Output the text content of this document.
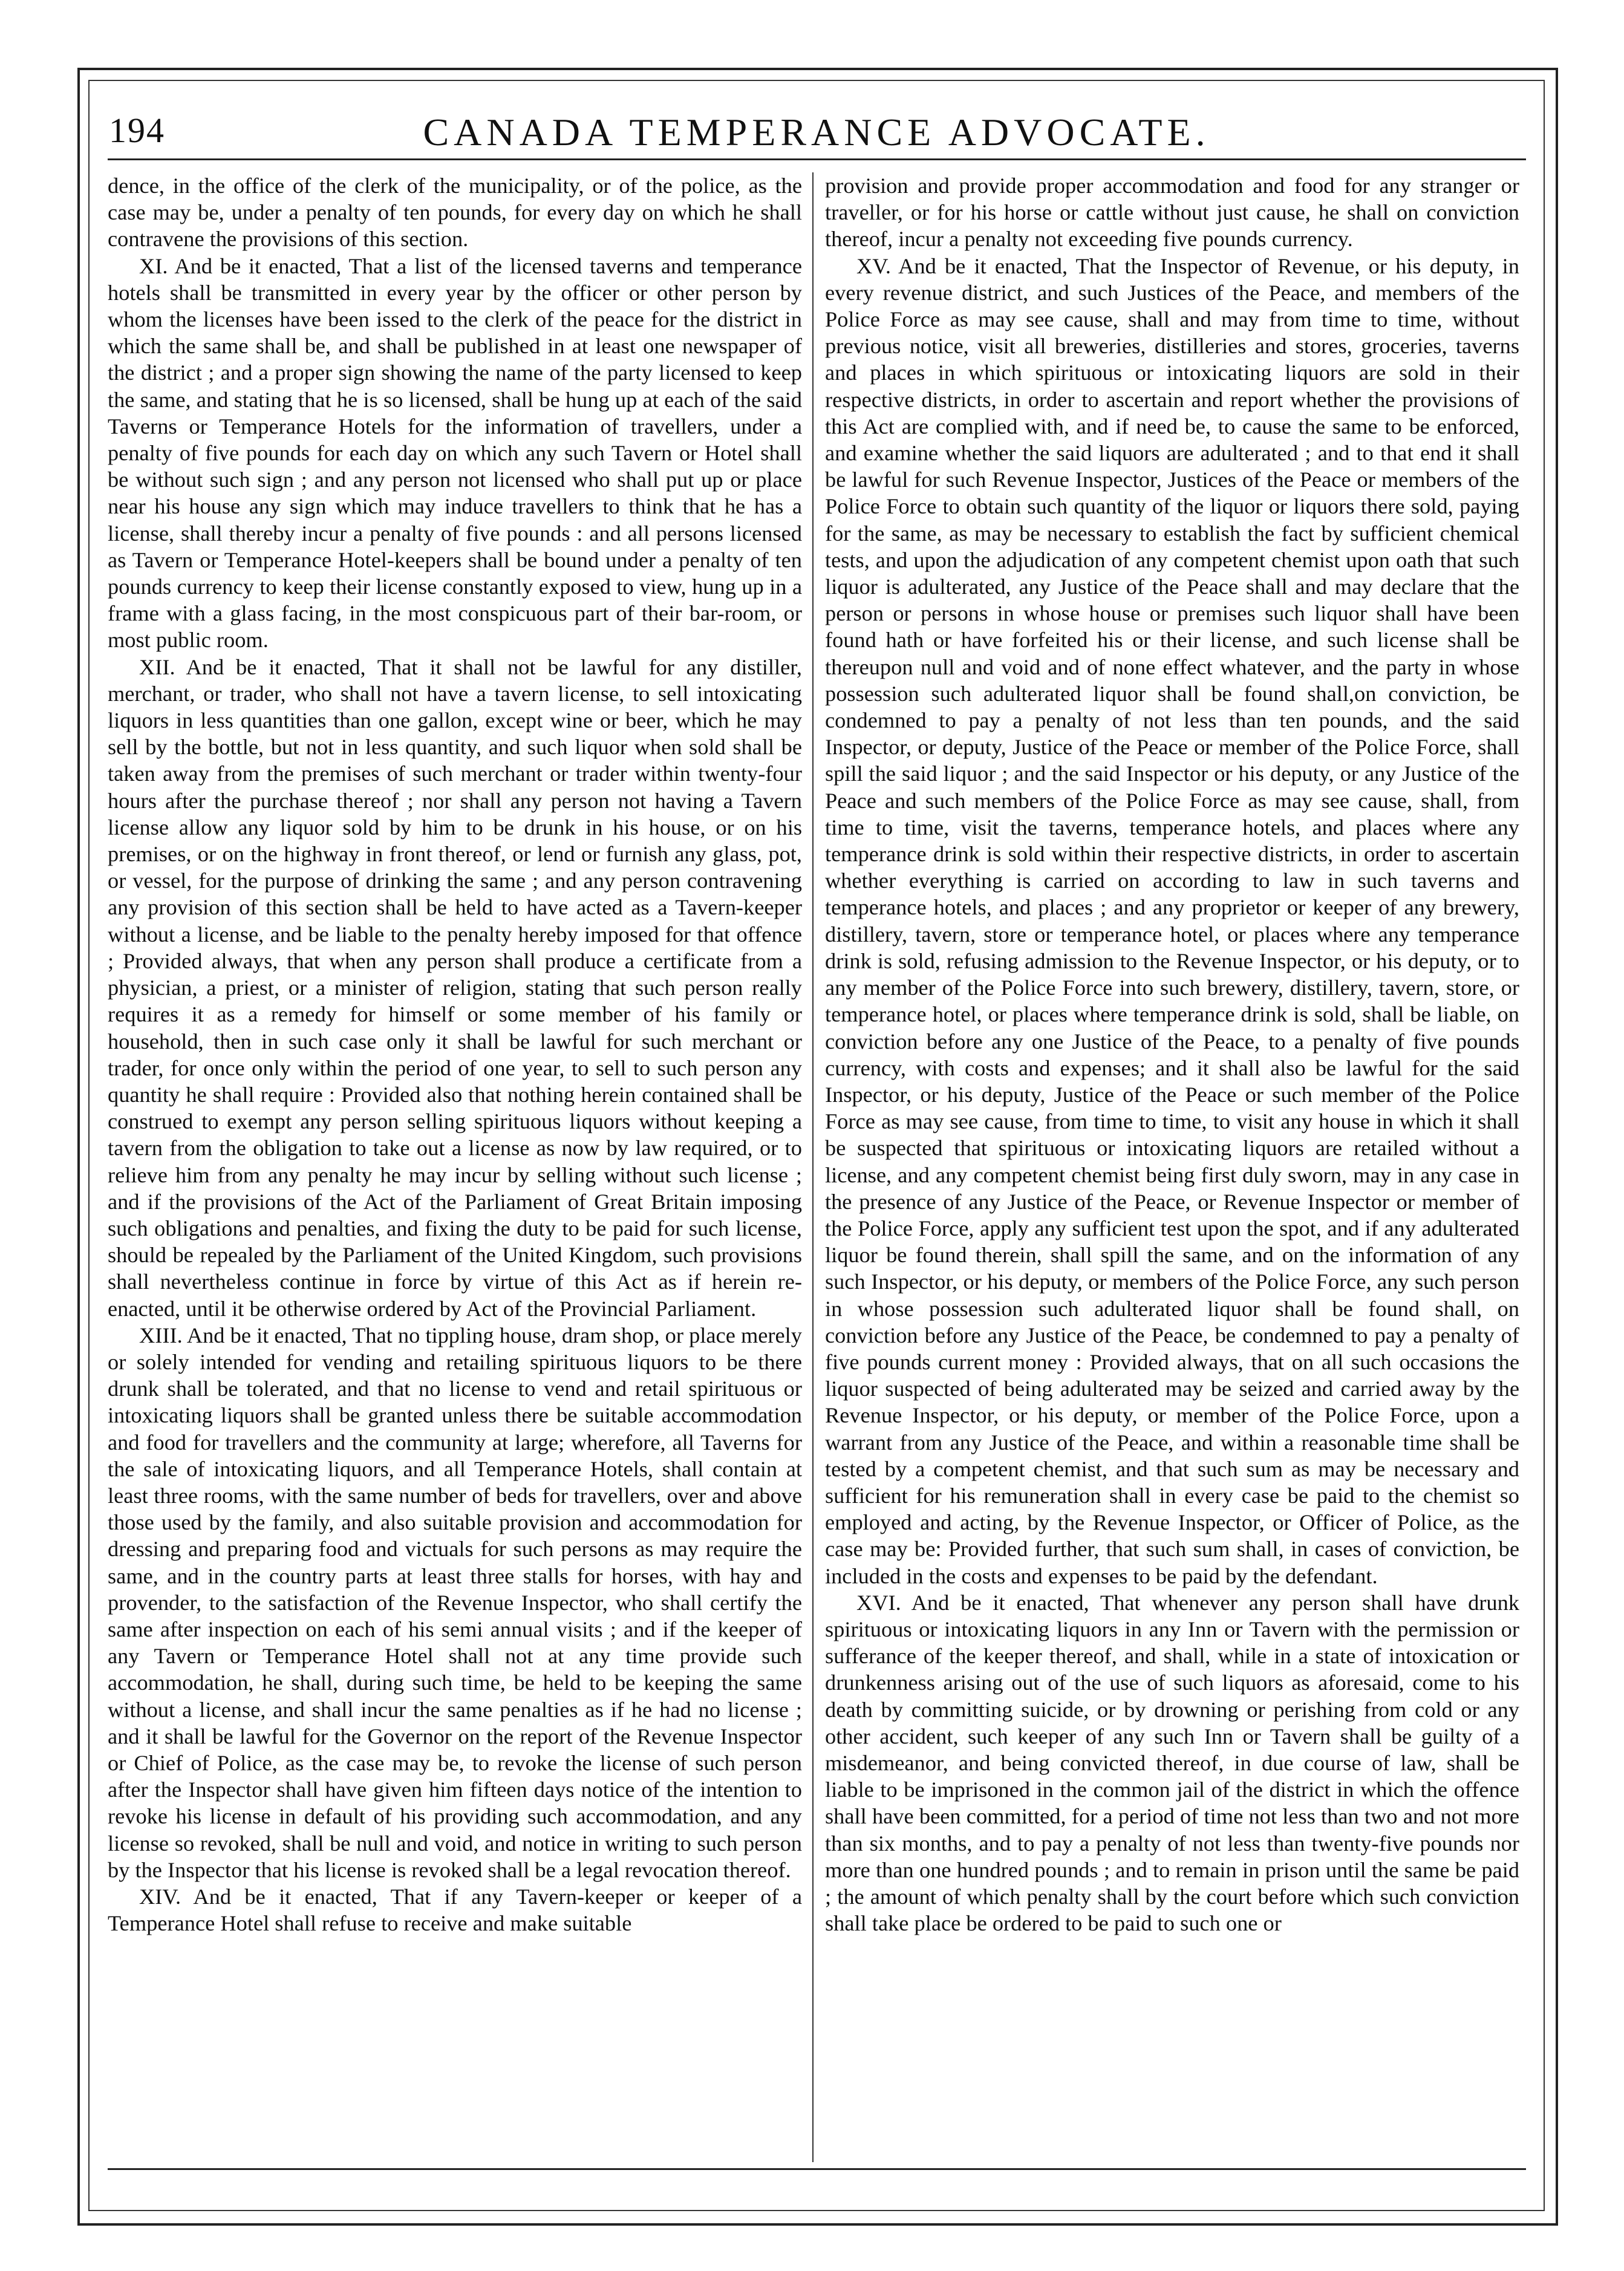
194	CANADA TEMPERANCE ADVOCATE.

dence, in the office of the clerk of the municipality, or of the police, as the case may be, under a penalty of ten pounds, for every day on which he shall contravene the provisions of this section.

XI. And be it enacted, That a list of the licensed taverns and temperance hotels shall be transmitted in every year by the officer or other person by whom the licenses have been issed to the clerk of the peace for the district in which the same shall be, and shall be published in at least one newspaper of the district ; and a proper sign showing the name of the party licensed to keep the same, and stating that he is so licensed, shall be hung up at each of the said Taverns or Temperance Hotels for the information of travellers, under a penalty of five pounds for each day on which any such Tavern or Hotel shall be without such sign ; and any person not licensed who shall put up or place near his house any sign which may induce travellers to think that he has a license, shall thereby incur a penalty of five pounds : and all persons licensed as Tavern or Temperance Hotel-keepers shall be bound under a penalty of ten pounds currency to keep their license constantly exposed to view, hung up in a frame with a glass facing, in the most conspicuous part of their bar-room, or most public room.

XII. And be it enacted, That it shall not be lawful for any distiller, merchant, or trader, who shall not have a tavern license, to sell intoxicating liquors in less quantities than one gallon, except wine or beer, which he may sell by the bottle, but not in less quantity, and such liquor when sold shall be taken away from the premises of such merchant or trader within twenty-four hours after the purchase thereof ; nor shall any person not having a Tavern license allow any liquor sold by him to be drunk in his house, or on his premises, or on the highway in front thereof, or lend or furnish any glass, pot, or vessel, for the purpose of drinking the same ; and any person contravening any provision of this section shall be held to have acted as a Tavern-keeper without a license, and be liable to the penalty hereby imposed for that offence ; Provided always, that when any person shall produce a certificate from a physician, a priest, or a minister of religion, stating that such person really requires it as a remedy for himself or some member of his family or household, then in such case only it shall be lawful for such merchant or trader, for once only within the period of one year, to sell to such person any quantity he shall require : Provided also that nothing herein contained shall be construed to exempt any person selling spirituous liquors without keeping a tavern from the obligation to take out a license as now by law required, or to relieve him from any penalty he may incur by selling without such license ; and if the provisions of the Act of the Parliament of Great Britain imposing such obligations and penalties, and fixing the duty to be paid for such license, should be repealed by the Parliament of the United Kingdom, such provisions shall nevertheless continue in force by virtue of this Act as if herein re-enacted, until it be otherwise ordered by Act of the Provincial Parliament.

XIII. And be it enacted, That no tippling house, dram shop, or place merely or solely intended for vending and retailing spirituous liquors to be there drunk shall be tolerated, and that no license to vend and retail spirituous or intoxicating liquors shall be granted unless there be suitable accommodation and food for travellers and the community at large; wherefore, all Taverns for the sale of intoxicating liquors, and all Temperance Hotels, shall contain at least three rooms, with the same number of beds for travellers, over and above those used by the family, and also suitable provision and accommodation for dressing and preparing food and victuals for such persons as may require the same, and in the country parts at least three stalls for horses, with hay and provender, to the satisfaction of the Revenue Inspector, who shall certify the same after inspection on each of his semi annual visits ; and if the keeper of any Tavern or Temperance Hotel shall not at any time provide such accommodation, he shall, during such time, be held to be keeping the same without a license, and shall incur the same penalties as if he had no license ; and it shall be lawful for the Governor on the report of the Revenue Inspector or Chief of Police, as the case may be, to revoke the license of such person after the Inspector shall have given him fifteen days notice of the intention to revoke his license in default of his providing such accommodation, and any license so revoked, shall be null and void, and notice in writing to such person by the Inspector that his license is revoked shall be a legal revocation thereof.

XIV. And be it enacted, That if any Tavern-keeper or keeper of a Temperance Hotel shall refuse to receive and make suitable

provision and provide proper accommodation and food for any stranger or traveller, or for his horse or cattle without just cause, he shall on conviction thereof, incur a penalty not exceeding five pounds currency.

XV. And be it enacted, That the Inspector of Revenue, or his deputy, in every revenue district, and such Justices of the Peace, and members of the Police Force as may see cause, shall and may from time to time, without previous notice, visit all breweries, distilleries and stores, groceries, taverns and places in which spirituous or intoxicating liquors are sold in their respective districts, in order to ascertain and report whether the provisions of this Act are complied with, and if need be, to cause the same to be enforced, and examine whether the said liquors are adulterated ; and to that end it shall be lawful for such Revenue Inspector, Justices of the Peace or members of the Police Force to obtain such quantity of the liquor or liquors there sold, paying for the same, as may be necessary to establish the fact by sufficient chemical tests, and upon the adjudication of any competent chemist upon oath that such liquor is adulterated, any Justice of the Peace shall and may declare that the person or persons in whose house or premises such liquor shall have been found hath or have forfeited his or their license, and such license shall be thereupon null and void and of none effect whatever, and the party in whose possession such adulterated liquor shall be found shall,on conviction, be condemned to pay a penalty of not less than ten pounds, and the said Inspector, or deputy, Justice of the Peace or member of the Police Force, shall spill the said liquor ; and the said Inspector or his deputy, or any Justice of the Peace and such members of the Police Force as may see cause, shall, from time to time, visit the taverns, temperance hotels, and places where any temperance drink is sold within their respective districts, in order to ascertain whether everything is carried on according to law in such taverns and temperance hotels, and places ; and any proprietor or keeper of any brewery, distillery, tavern, store or temperance hotel, or places where any temperance drink is sold, refusing admission to the Revenue Inspector, or his deputy, or to any member of the Police Force into such brewery, distillery, tavern, store, or temperance hotel, or places where temperance drink is sold, shall be liable, on conviction before any one Justice of the Peace, to a penalty of five pounds currency, with costs and expenses; and it shall also be lawful for the said Inspector, or his deputy, Justice of the Peace or such member of the Police Force as may see cause, from time to time, to visit any house in which it shall be suspected that spirituous or intoxicating liquors are retailed without a license, and any competent chemist being first duly sworn, may in any case in the presence of any Justice of the Peace, or Revenue Inspector or member of the Police Force, apply any sufficient test upon the spot, and if any adulterated liquor be found therein, shall spill the same, and on the information of any such Inspector, or his deputy, or members of the Police Force, any such person in whose possession such adulterated liquor shall be found shall, on conviction before any Justice of the Peace, be condemned to pay a penalty of five pounds current money : Provided always, that on all such occasions the liquor suspected of being adulterated may be seized and carried away by the Revenue Inspector, or his deputy, or member of the Police Force, upon a warrant from any Justice of the Peace, and within a reasonable time shall be tested by a competent chemist, and that such sum as may be necessary and sufficient for his remuneration shall in every case be paid to the chemist so employed and acting, by the Revenue Inspector, or Officer of Police, as the case may be: Provided further, that such sum shall, in cases of conviction, be included in the costs and expenses to be paid by the defendant.

XVI. And be it enacted, That whenever any person shall have drunk spirituous or intoxicating liquors in any Inn or Tavern with the permission or sufferance of the keeper thereof, and shall, while in a state of intoxication or drunkenness arising out of the use of such liquors as aforesaid, come to his death by committing suicide, or by drowning or perishing from cold or any other accident, such keeper of any such Inn or Tavern shall be guilty of a misdemeanor, and being convicted thereof, in due course of law, shall be liable to be imprisoned in the common jail of the district in which the offence shall have been committed, for a period of time not less than two and not more than six months, and to pay a penalty of not less than twenty-five pounds nor more than one hundred pounds ; and to remain in prison until the same be paid ; the amount of which penalty shall by the court before which such conviction shall take place be ordered to be paid to such one or
